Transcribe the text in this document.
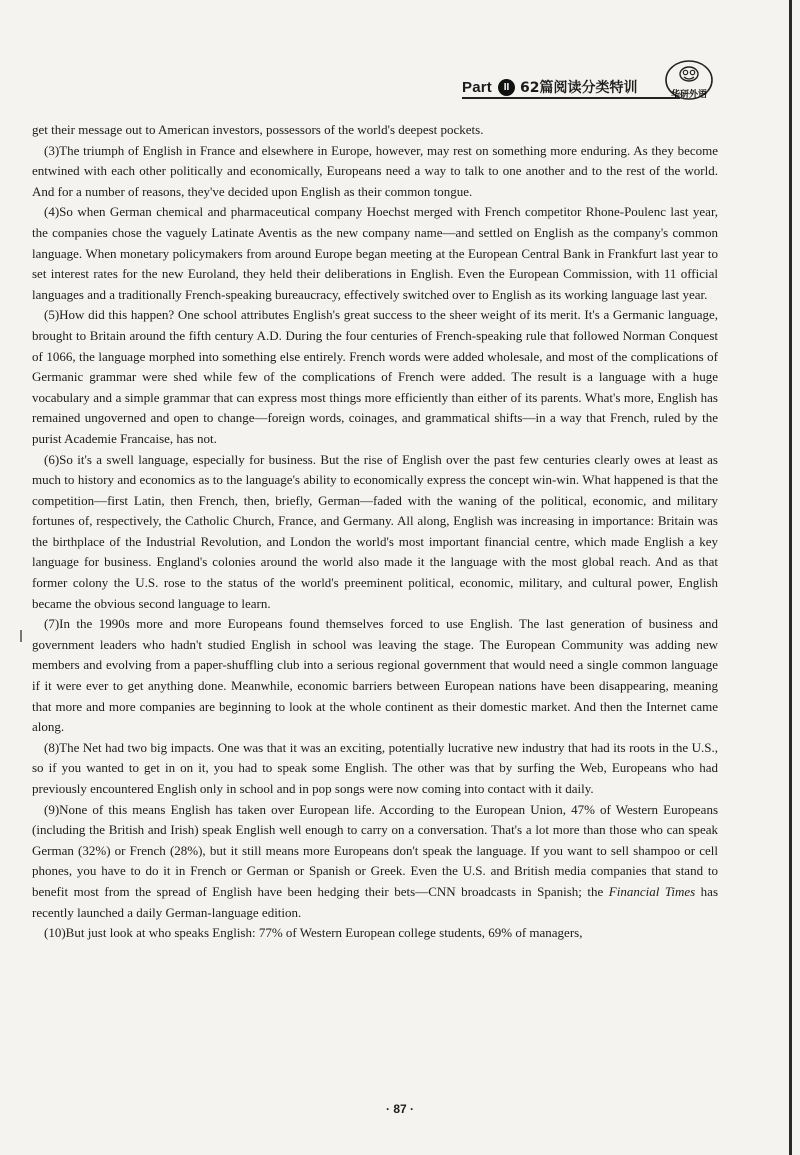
Part	II 62篇阅读分类特训	华研外语

get their message out to American investors, possessors of the world's deepest pockets.

(3)The triumph of English in France and elsewhere in Europe, however, may rest on something more enduring. As they become entwined with each other politically and economically, Europeans need a way to talk to one another and to the rest of the world. And for a number of reasons, they've decided upon English as their common tongue.

(4)So when German chemical and pharmaceutical company Hoechst merged with French competitor Rhone-Poulenc last year, the companies chose the vaguely Latinate Aventis as the new company name—and settled on English as the company's common language. When monetary policymakers from around Europe began meeting at the European Central Bank in Frankfurt last year to set interest rates for the new Euroland, they held their deliberations in English. Even the European Commission, with 11 official languages and a traditionally French-speaking bureaucracy, effectively switched over to English as its working language last year.

(5)How did this happen? One school attributes English's great success to the sheer weight of its merit. It's a Germanic language, brought to Britain around the fifth century A.D. During the four centuries of French-speaking rule that followed Norman Conquest of 1066, the language morphed into something else entirely. French words were added wholesale, and most of the complications of Germanic grammar were shed while few of the complications of French were added. The result is a language with a huge vocabulary and a simple grammar that can express most things more efficiently than either of its parents. What's more, English has remained ungoverned and open to change—foreign words, coinages, and grammatical shifts—in a way that French, ruled by the purist Academie Francaise, has not.

(6)So it's a swell language, especially for business. But the rise of English over the past few centuries clearly owes at least as much to history and economics as to the language's ability to economically express the concept win-win. What happened is that the competition—first Latin, then French, then, briefly, German—faded with the waning of the political, economic, and military fortunes of, respectively, the Catholic Church, France, and Germany. All along, English was increasing in importance: Britain was the birthplace of the Industrial Revolution, and London the world's most important financial centre, which made English a key language for business. England's colonies around the world also made it the language with the most global reach. And as that former colony the U.S. rose to the status of the world's preeminent political, economic, military, and cultural power, English became the obvious second language to learn.

(7)In the 1990s more and more Europeans found themselves forced to use English. The last generation of business and government leaders who hadn't studied English in school was leaving the stage. The European Community was adding new members and evolving from a paper-shuffling club into a serious regional government that would need a single common language if it were ever to get anything done. Meanwhile, economic barriers between European nations have been disappearing, meaning that more and more companies are beginning to look at the whole continent as their domestic market. And then the Internet came along.

(8)The Net had two big impacts. One was that it was an exciting, potentially lucrative new industry that had its roots in the U.S., so if you wanted to get in on it, you had to speak some English. The other was that by surfing the Web, Europeans who had previously encountered English only in school and in pop songs were now coming into contact with it daily.

(9)None of this means English has taken over European life. According to the European Union, 47% of Western Europeans (including the British and Irish) speak English well enough to carry on a conversation. That's a lot more than those who can speak German (32%) or French (28%), but it still means more Europeans don't speak the language. If you want to sell shampoo or cell phones, you have to do it in French or German or Spanish or Greek. Even the U.S. and British media companies that stand to benefit most from the spread of English have been hedging their bets—CNN broadcasts in Spanish; the Financial Times has recently launched a daily German-language edition.

(10)But just look at who speaks English: 77% of Western European college students, 69% of managers,

· 87 ·
